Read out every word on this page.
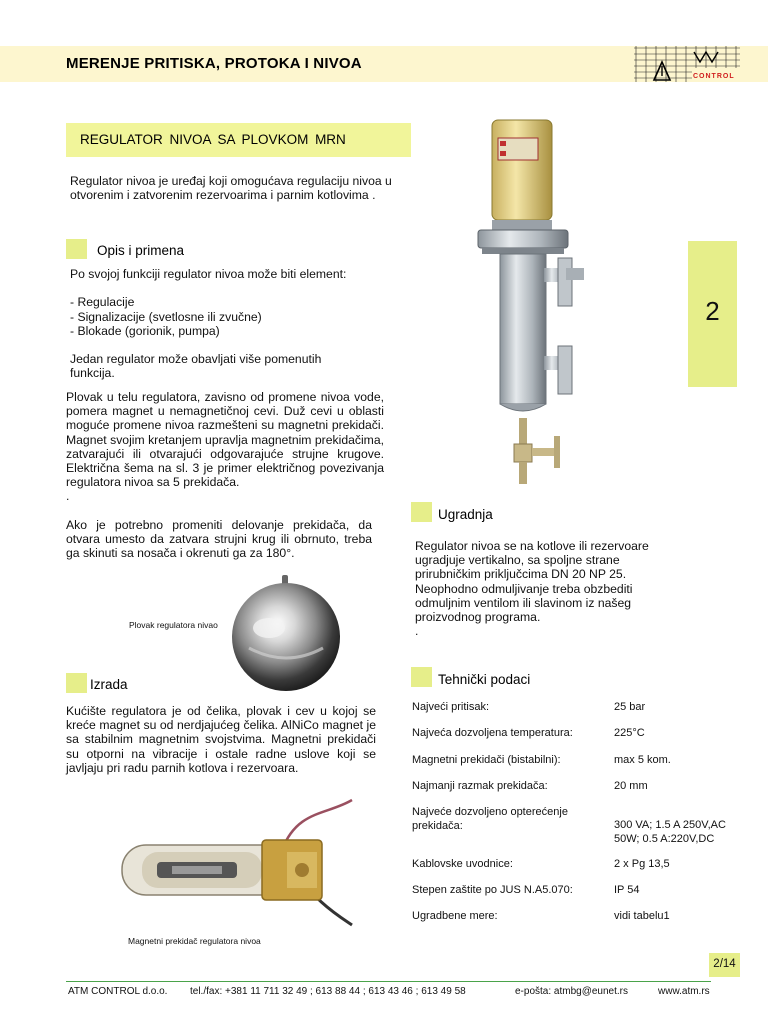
MERENJE PRITISKA, PROTOKA I NIVOA
CONTROL
REGULATOR NIVOA SA PLOVKOM MRN
Regulator nivoa je uređaj koji omogućava regulaciju nivoa u otvorenim i zatvorenim rezervoarima i parnim kotlovima .
Opis i primena
Po svojoj funkciji regulator nivoa može biti element:

- Regulacije
- Signalizacije (svetlosne ili zvučne)
- Blokade (gorionik, pumpa)

Jedan regulator može obavljati više pomenutih
funkcija.
Plovak u telu regulatora, zavisno od promene nivoa vode, pomera magnet u nemagnetičnoj cevi. Duž cevi u oblasti moguće promene nivoa razmešteni su magnetni prekidači. Magnet svojim kretanjem upravlja magnetnim prekidačima, zatvarajući ili otvarajući odgovarajuće strujne krugove. Električna šema na sl. 3 je primer električnog povezivanja regulatora nivoa sa 5 prekidača.
.
Ako je potrebno promeniti delovanje prekidača, da otvara umesto da zatvara strujni krug ili obrnuto, treba ga skinuti sa nosača i okrenuti ga za 180°.
Plovak regulatora nivao
Izrada
Kućište regulatora je od čelika, plovak i cev u kojoj se kreće magnet su od nerdjajućeg čelika. AlNiCo magnet je sa stabilnim magnetnim svojstvima. Magnetni prekidači su otporni na vibracije i ostale radne uslove koji se javljaju pri radu parnih kotlova i rezervoara.
Magnetni prekidač regulatora nivoa
Ugradnja
Regulator nivoa se na kotlove ili rezervoare ugradjuje vertikalno, sa spoljne strane prirubničkim priključcima DN 20 NP 25. Neophodno odmuljivanje treba obzbediti odmuljnim ventilom ili slavinom iz našeg proizvodnog programa.
.
Tehnički podaci
Najveći pritisak:	25 bar
Najveća dozvoljena temperatura:	225°C
Magnetni prekidači (bistabilni):	max 5 kom.
Najmanji razmak prekidača:	20 mm
Najveće dozvoljeno opterećenje prekidača:	300 VA; 1.5 A 250V,AC 50W; 0.5 A:220V,DC
Kablovske uvodnice:	2 x Pg 13,5
Stepen zaštite po JUS N.A5.070:	IP 54
Ugradbene mere:	vidi tabelu1
2
2/14
ATM CONTROL d.o.o. tel./fax: +381 11 711 32 49 ; 613 88 44 ; 613 43 46 ; 613 49 58	e-pošta: atmbg@eunet.rs	www.atm.rs
